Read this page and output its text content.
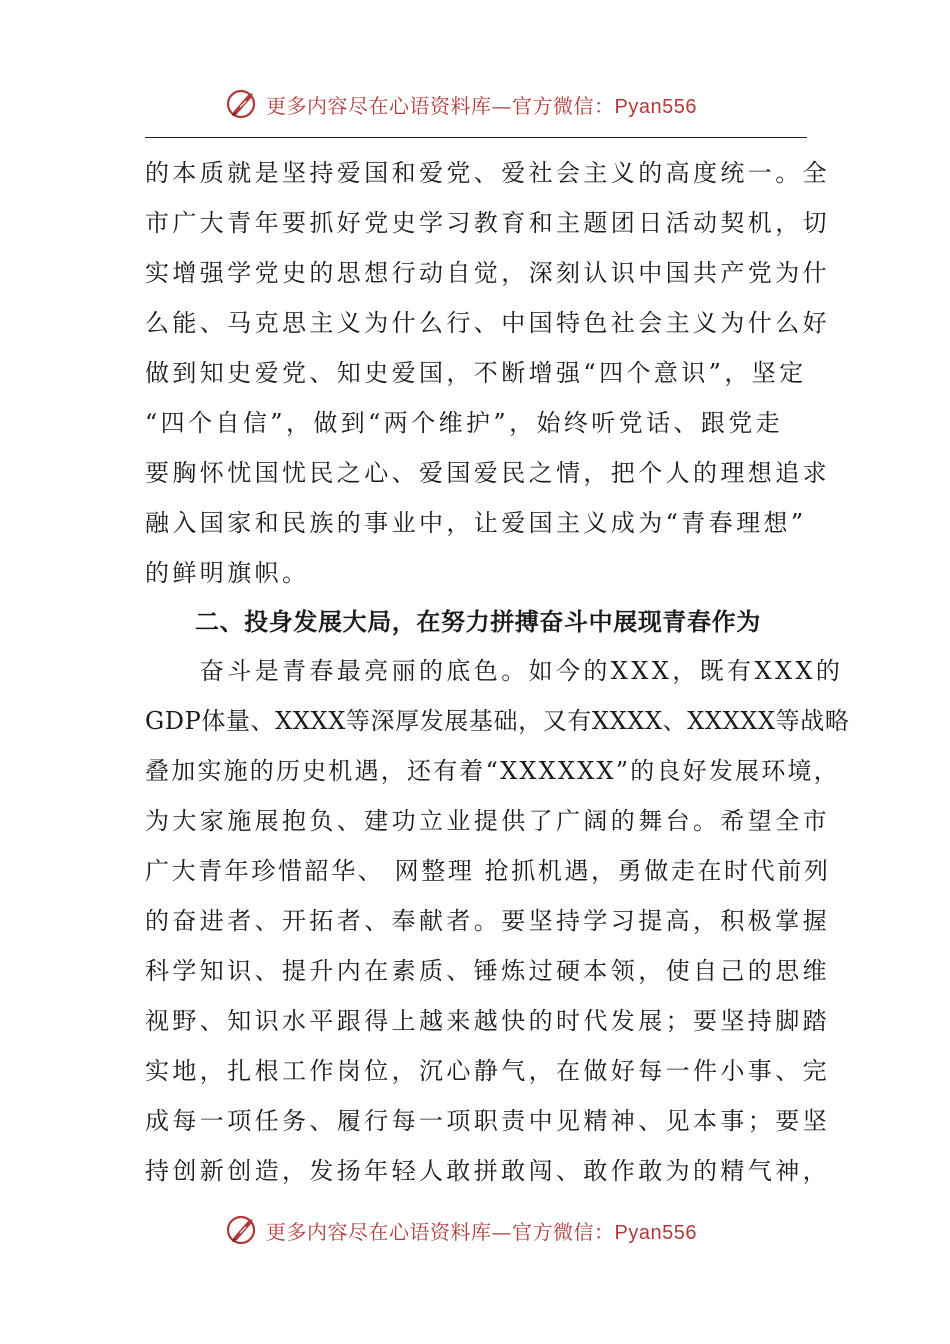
更多内容尽在心语资料库—官方微信：Pyan556
的本质就是坚持爱国和爱党、爱社会主义的高度统一。全
市广大青年要抓好党史学习教育和主题团日活动契机，切
实增强学党史的思想行动自觉，深刻认识中国共产党为什
么能、马克思主义为什么行、中国特色社会主义为什么好
做到知史爱党、知史爱国，不断增强“四个意识”，坚定
“四个自信”，做到“两个维护”，始终听党话、跟党走
要胸怀忧国忧民之心、爱国爱民之情，把个人的理想追求
融入国家和民族的事业中，让爱国主义成为“青春理想”
的鲜明旗帜。
二、投身发展大局，在努力拼搏奋斗中展现青春作为
　　奋斗是青春最亮丽的底色。如今的XXX，既有XXX的
GDP体量、XXXX等深厚发展基础，又有XXXX、XXXXX等战略
叠加实施的历史机遇，还有着“XXXXXX”的良好发展环境，
为大家施展抱负、建功立业提供了广阔的舞台。希望全市
广大青年珍惜韶华、 网整理 抢抓机遇，勇做走在时代前列
的奋进者、开拓者、奉献者。要坚持学习提高，积极掌握
科学知识、提升内在素质、锤炼过硬本领，使自己的思维
视野、知识水平跟得上越来越快的时代发展；要坚持脚踏
实地，扎根工作岗位，沉心静气，在做好每一件小事、完
成每一项任务、履行每一项职责中见精神、见本事；要坚
持创新创造，发扬年轻人敢拼敢闯、敢作敢为的精气神，
更多内容尽在心语资料库—官方微信：Pyan556
